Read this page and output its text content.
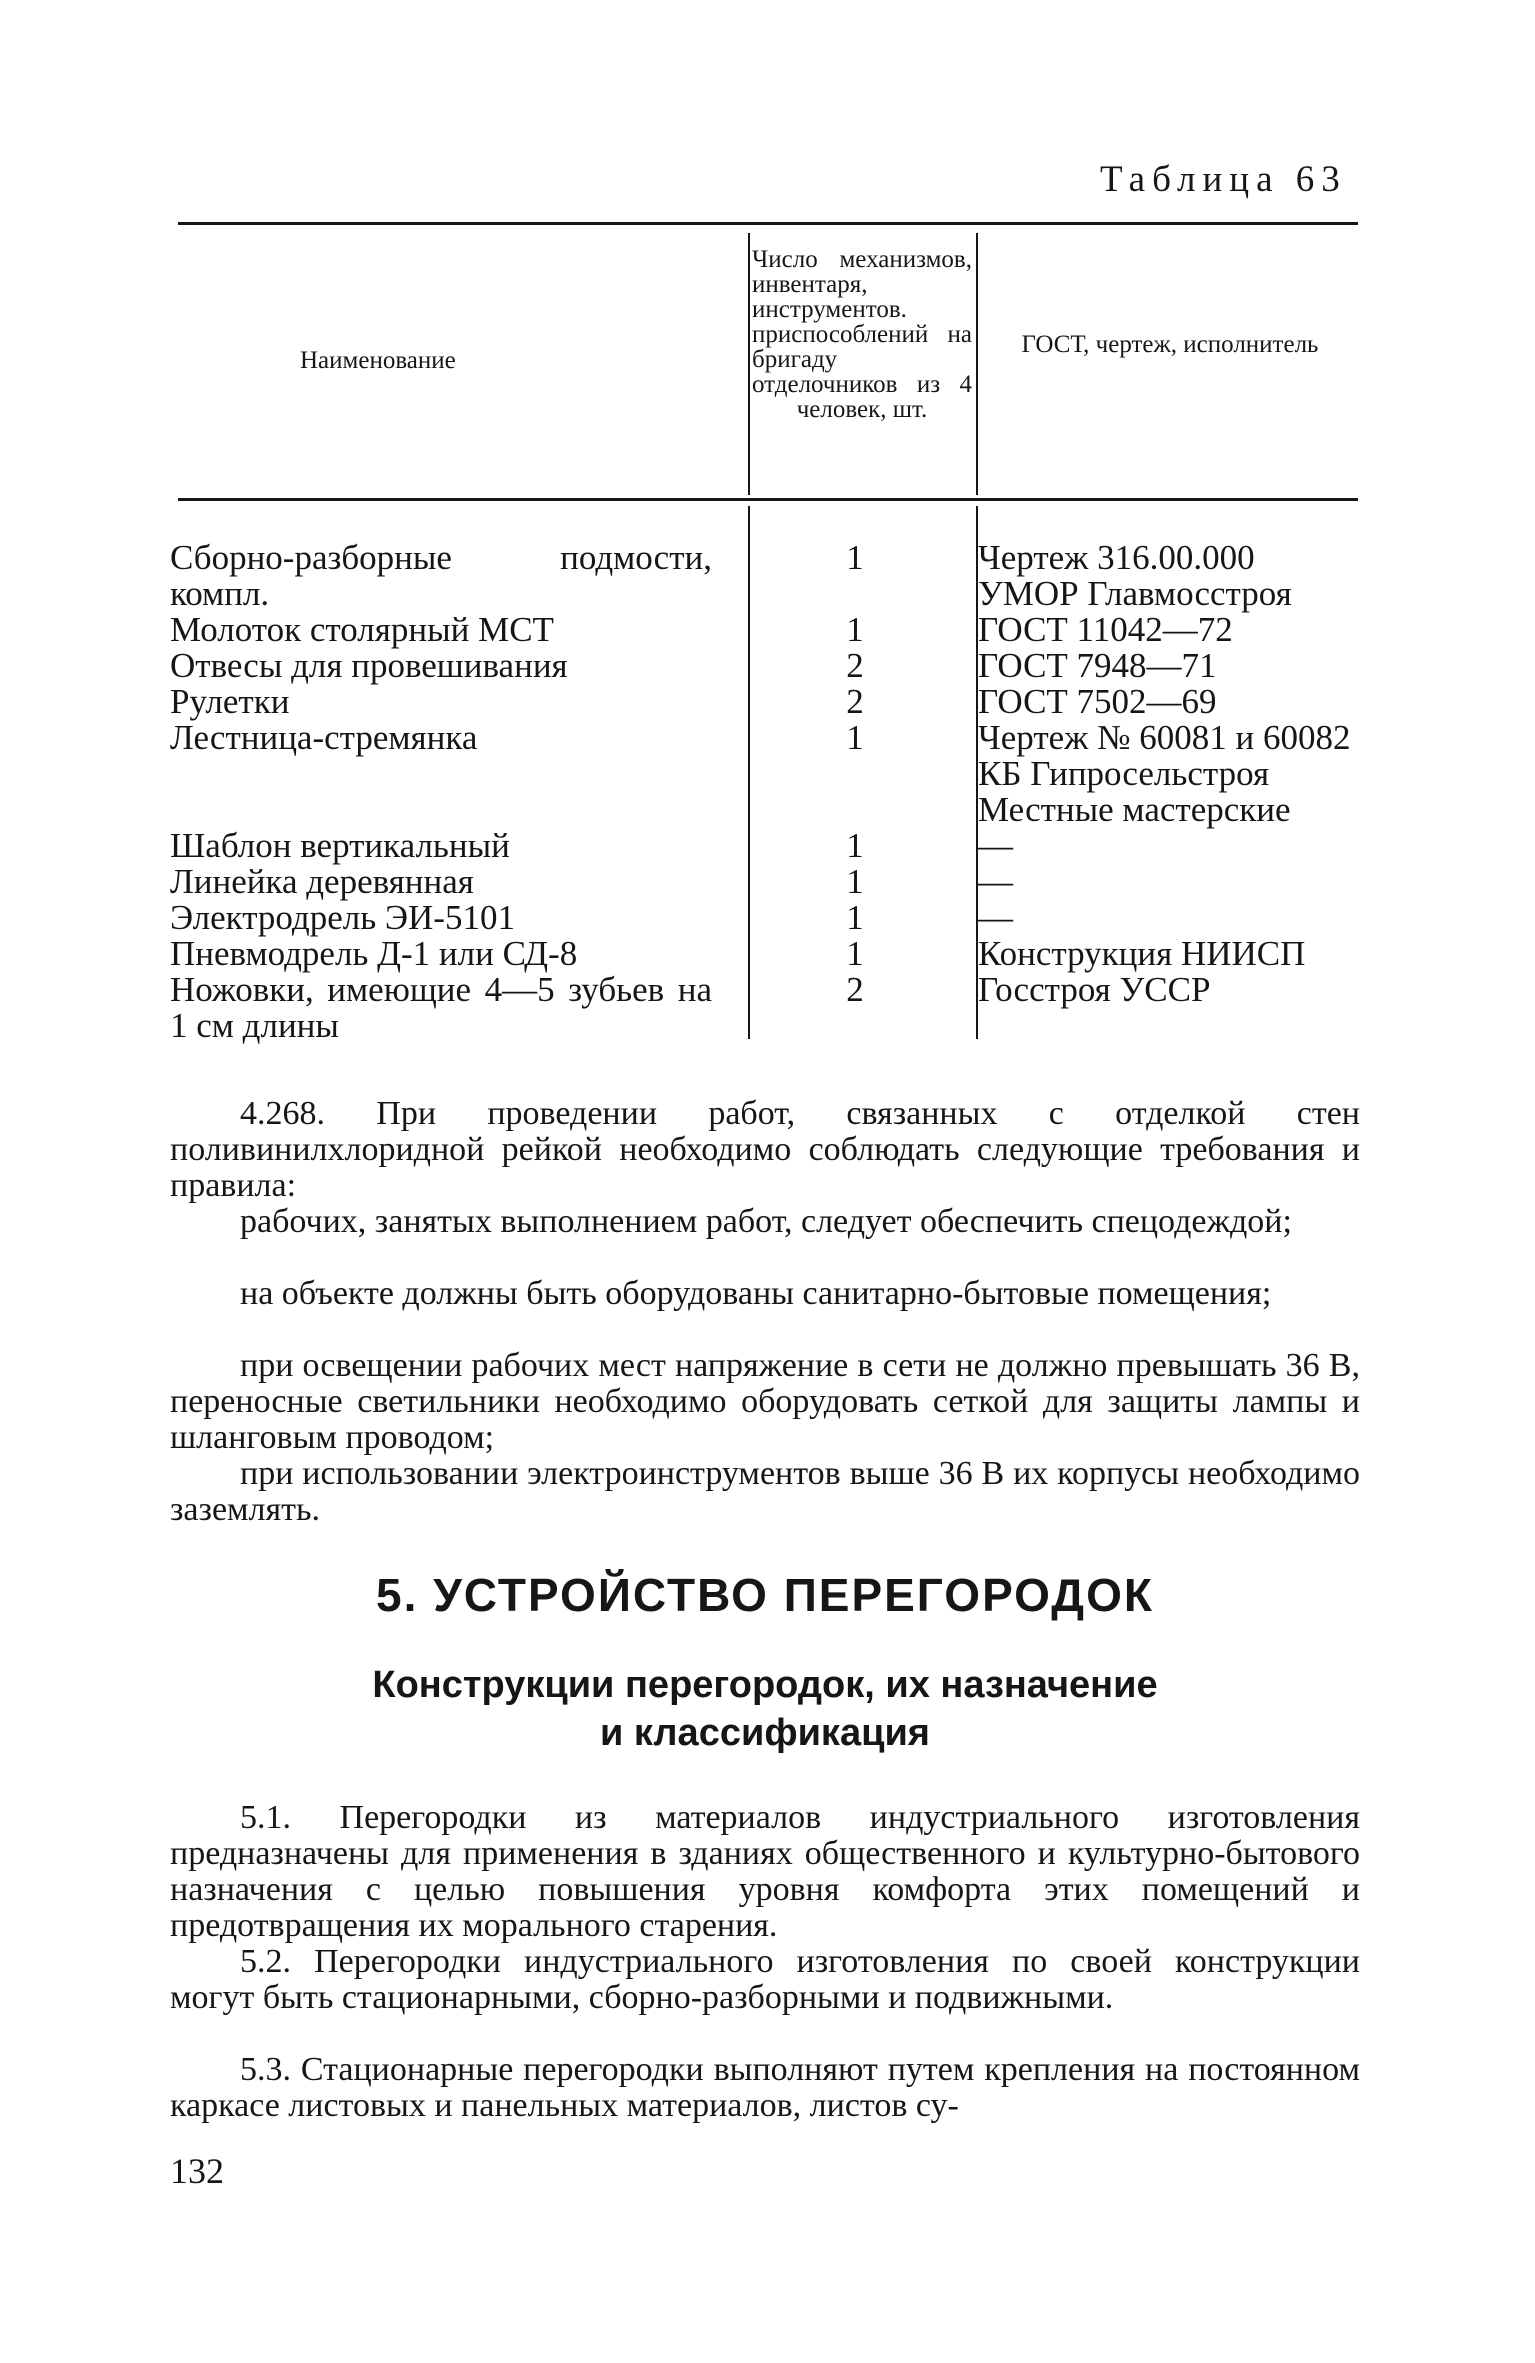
Таблица 63
Наименование
Число механизмов, инвентаря, инструментов. приспособлений на бригаду отделочников из 4 человек, шт.
ГОСТ, чертеж, исполнитель
Сборно-разборные подмости, компл.
Молоток столярный МСТ
Отвесы для провешивания
Рулетки
Лестница-стремянка

Шаблон вертикальный
Линейка деревянная
Электродрель ЭИ-5101
Пневмодрель Д-1 или СД-8
Ножовки, имеющие 4—5 зубьев на 1 см длины
1

1
2
2
1

1
1
1
1
2
Чертеж 316.00.000 УМОР Главмосстроя
ГОСТ 11042—72
ГОСТ 7948—71
ГОСТ 7502—69
Чертеж № 60081 и 60082 КБ Гипросельстроя
Местные мастерские
—
—
—
Конструкция НИИСП Госстроя УССР
4.268. При проведении работ, связанных с отделкой стен поливинилхлоридной рейкой необходимо соблюдать следующие требования и правила:
рабочих, занятых выполнением работ, следует обеспечить спецодеждой;
на объекте должны быть оборудованы санитарно-бытовые помещения;
при освещении рабочих мест напряжение в сети не должно превышать 36 В, переносные светильники необходимо оборудовать сеткой для защиты лампы и шланговым проводом;
при использовании электроинструментов выше 36 В их корпусы необходимо заземлять.
5. УСТРОЙСТВО ПЕРЕГОРОДОК
Конструкции перегородок, их назначение
и классификация
5.1. Перегородки из материалов индустриального изготовления предназначены для применения в зданиях общественного и культурно-бытового назначения с целью повышения уровня комфорта этих помещений и предотвращения их морального старения.
5.2. Перегородки индустриального изготовления по своей конструкции могут быть стационарными, сборно-разборными и подвижными.
5.3. Стационарные перегородки выполняют путем крепления на постоянном каркасе листовых и панельных материалов, листов су-
132
